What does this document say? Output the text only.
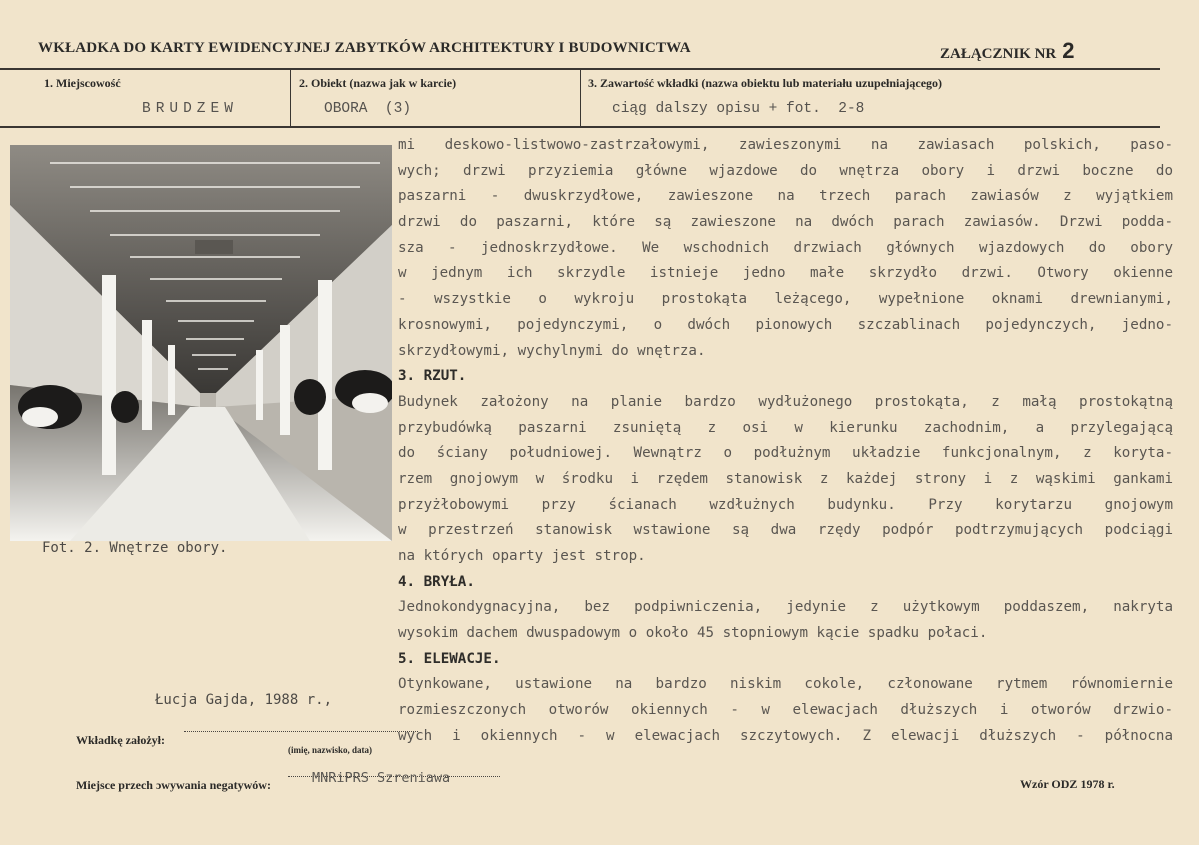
WKŁADKA DO KARTY EWIDENCYJNEJ ZABYTKÓW ARCHITEKTURY I BUDOWNICTWA	ZAŁĄCZNIK NR 2
1. Miejscowość
BRUDZEW
2. Obiekt (nazwa jak w karcie)
OBORA  (3)
3. Zawartość wkładki (nazwa obiektu lub materiału uzupełniającego)
ciąg dalszy opisu + fot.  2-8
Fot. 2. Wnętrze obory.
Łucja Gajda, 1988 r.,
mi deskowo-listwowo-zastrzałowymi, zawieszonymi na zawiasach polskich, paso-
wych; drzwi przyziemia główne wjazdowe do wnętrza obory i drzwi boczne do
paszarni - dwuskrzydłowe, zawieszone na trzech parach zawiasów z wyjątkiem
drzwi do paszarni, które są zawieszone na dwóch parach zawiasów. Drzwi podda-
sza - jednoskrzydłowe. We wschodnich drzwiach głównych wjazdowych do obory
w jednym ich skrzydle istnieje jedno małe skrzydło drzwi. Otwory okienne
- wszystkie o wykroju prostokąta leżącego, wypełnione oknami drewnianymi,
krosnowymi, pojedynczymi, o dwóch pionowych szczablinach pojedynczych, jedno-
skrzydłowymi, wychylnymi do wnętrza.
3. RZUT.
Budynek założony na planie bardzo wydłużonego prostokąta, z małą prostokątną
przybudówką paszarni zsuniętą z osi w kierunku zachodnim, a przylegającą
do ściany południowej. Wewnątrz o podłużnym układzie funkcjonalnym, z koryta-
rzem gnojowym w środku i rzędem stanowisk z każdej strony i z wąskimi gankami
przyżłobowymi przy ścianach wzdłużnych budynku. Przy korytarzu gnojowym
w przestrzeń stanowisk wstawione są dwa rzędy podpór podtrzymujących podciągi
na których oparty jest strop.
4. BRYŁA.
Jednokondygnacyjna, bez podpiwniczenia, jedynie z użytkowym poddaszem, nakryta
wysokim dachem dwuspadowym o około 45 stopniowym kącie spadku połaci.
5. ELEWACJE.
Otynkowane, ustawione na bardzo niskim cokole, członowane rytmem równomiernie
rozmieszczonych otworów okiennych - w elewacjach dłuższych i otworów drzwio-
wych i okiennych - w elewacjach szczytowych. Z elewacji dłuższych - północna
Wkładkę założył:
(imię, nazwisko, data)
Miejsce przech ɔwywania negatywów:	MNRiPRS Szreniawa	Wzór ODZ 1978 r.
